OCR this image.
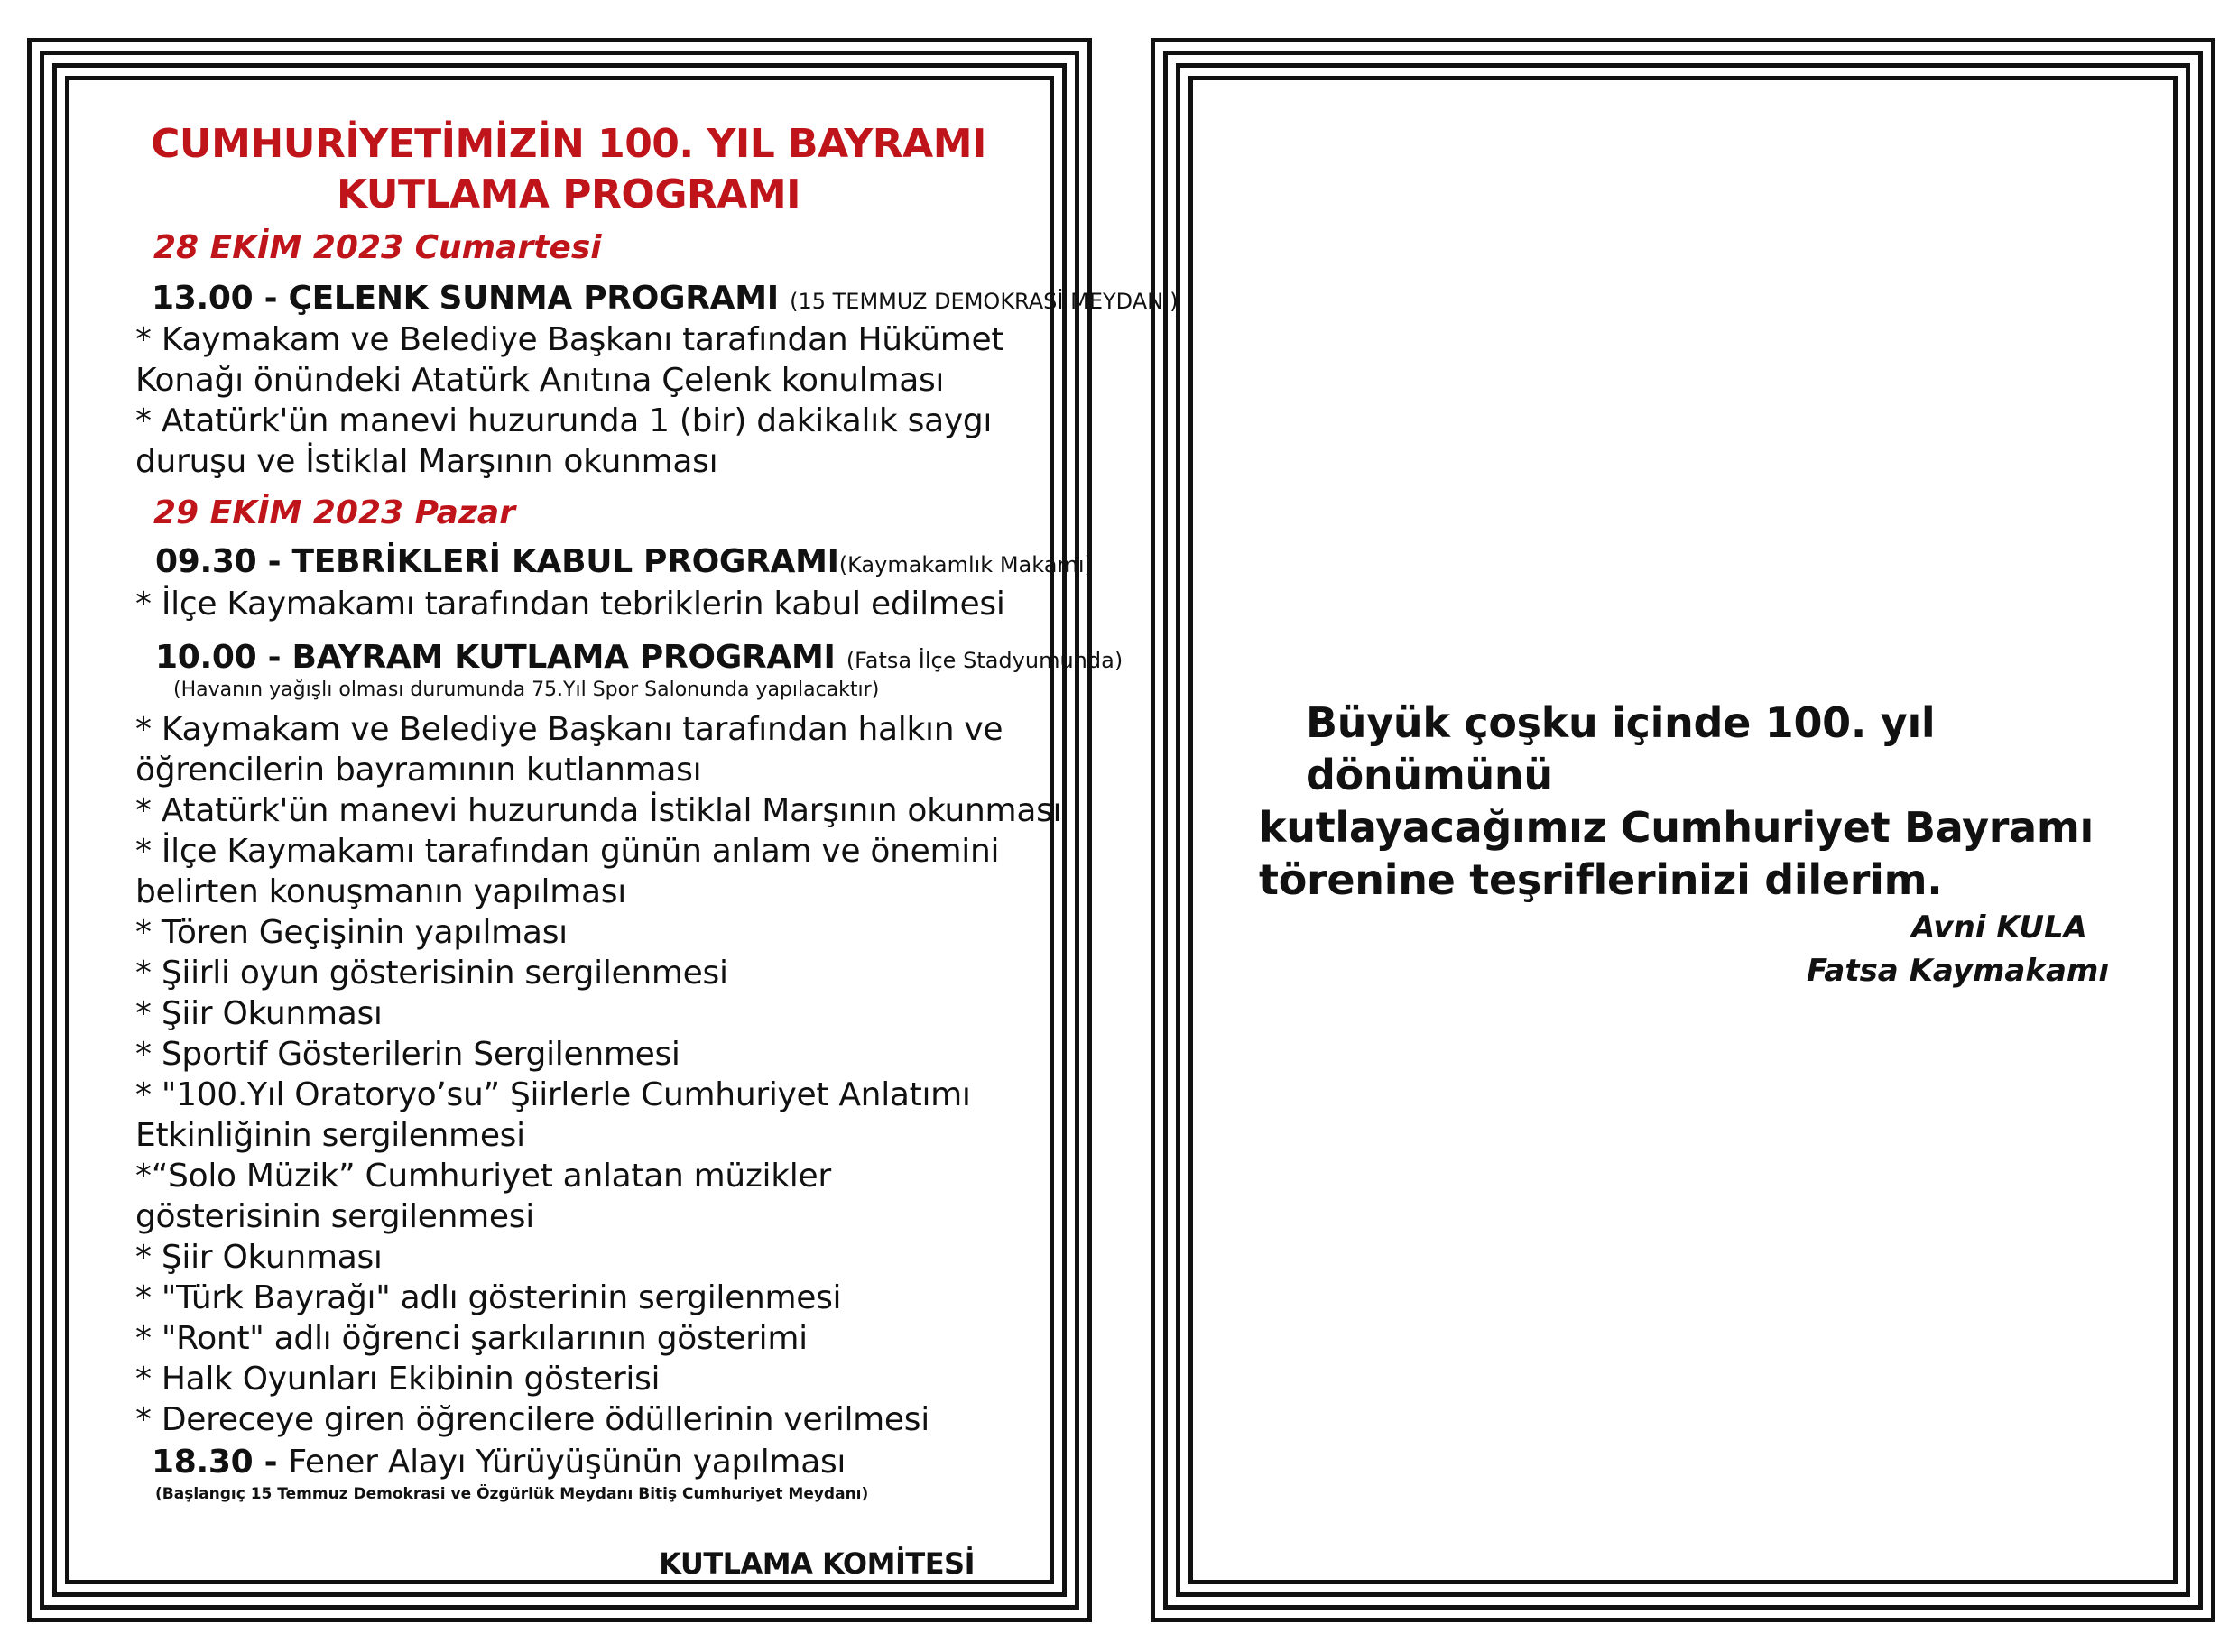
CUMHURİYETİMİZİN 100. YIL BAYRAMI
KUTLAMA PROGRAMI
28 EKİM 2023 Cumartesi
13.00 - ÇELENK SUNMA PROGRAMI (15 TEMMUZ DEMOKRASİ MEYDANI)
* Kaymakam ve Belediye Başkanı tarafından Hükümet
Konağı önündeki Atatürk Anıtına Çelenk konulması
* Atatürk'ün manevi huzurunda 1 (bir) dakikalık saygı
duruşu ve İstiklal Marşının okunması
29 EKİM 2023 Pazar
09.30 - TEBRİKLERİ KABUL PROGRAMI(Kaymakamlık Makamı)
* İlçe Kaymakamı tarafından tebriklerin kabul edilmesi
10.00 - BAYRAM KUTLAMA PROGRAMI (Fatsa İlçe Stadyumunda)
(Havanın yağışlı olması durumunda 75.Yıl Spor Salonunda yapılacaktır)
* Kaymakam ve Belediye Başkanı tarafından halkın ve
öğrencilerin bayramının kutlanması
* Atatürk'ün manevi huzurunda İstiklal Marşının okunması
* İlçe Kaymakamı tarafından günün anlam ve önemini
belirten konuşmanın yapılması
* Tören Geçişinin yapılması
* Şiirli oyun gösterisinin sergilenmesi
* Şiir Okunması
* Sportif Gösterilerin Sergilenmesi
* "100.Yıl Oratoryo’su” Şiirlerle Cumhuriyet Anlatımı
Etkinliğinin sergilenmesi
*“Solo Müzik” Cumhuriyet anlatan müzikler
gösterisinin sergilenmesi
* Şiir Okunması
* "Türk Bayrağı" adlı gösterinin sergilenmesi
* "Ront" adlı öğrenci şarkılarının gösterimi
* Halk Oyunları Ekibinin gösterisi
* Dereceye giren öğrencilere ödüllerinin verilmesi
18.30 - Fener Alayı Yürüyüşünün yapılması
(Başlangıç 15 Temmuz Demokrasi ve Özgürlük Meydanı Bitiş Cumhuriyet Meydanı)
KUTLAMA KOMİTESİ
Büyük çoşku içinde 100. yıl dönümünü
kutlayacağımız Cumhuriyet Bayramı
törenine teşriflerinizi dilerim.
Avni KULA
Fatsa Kaymakamı
